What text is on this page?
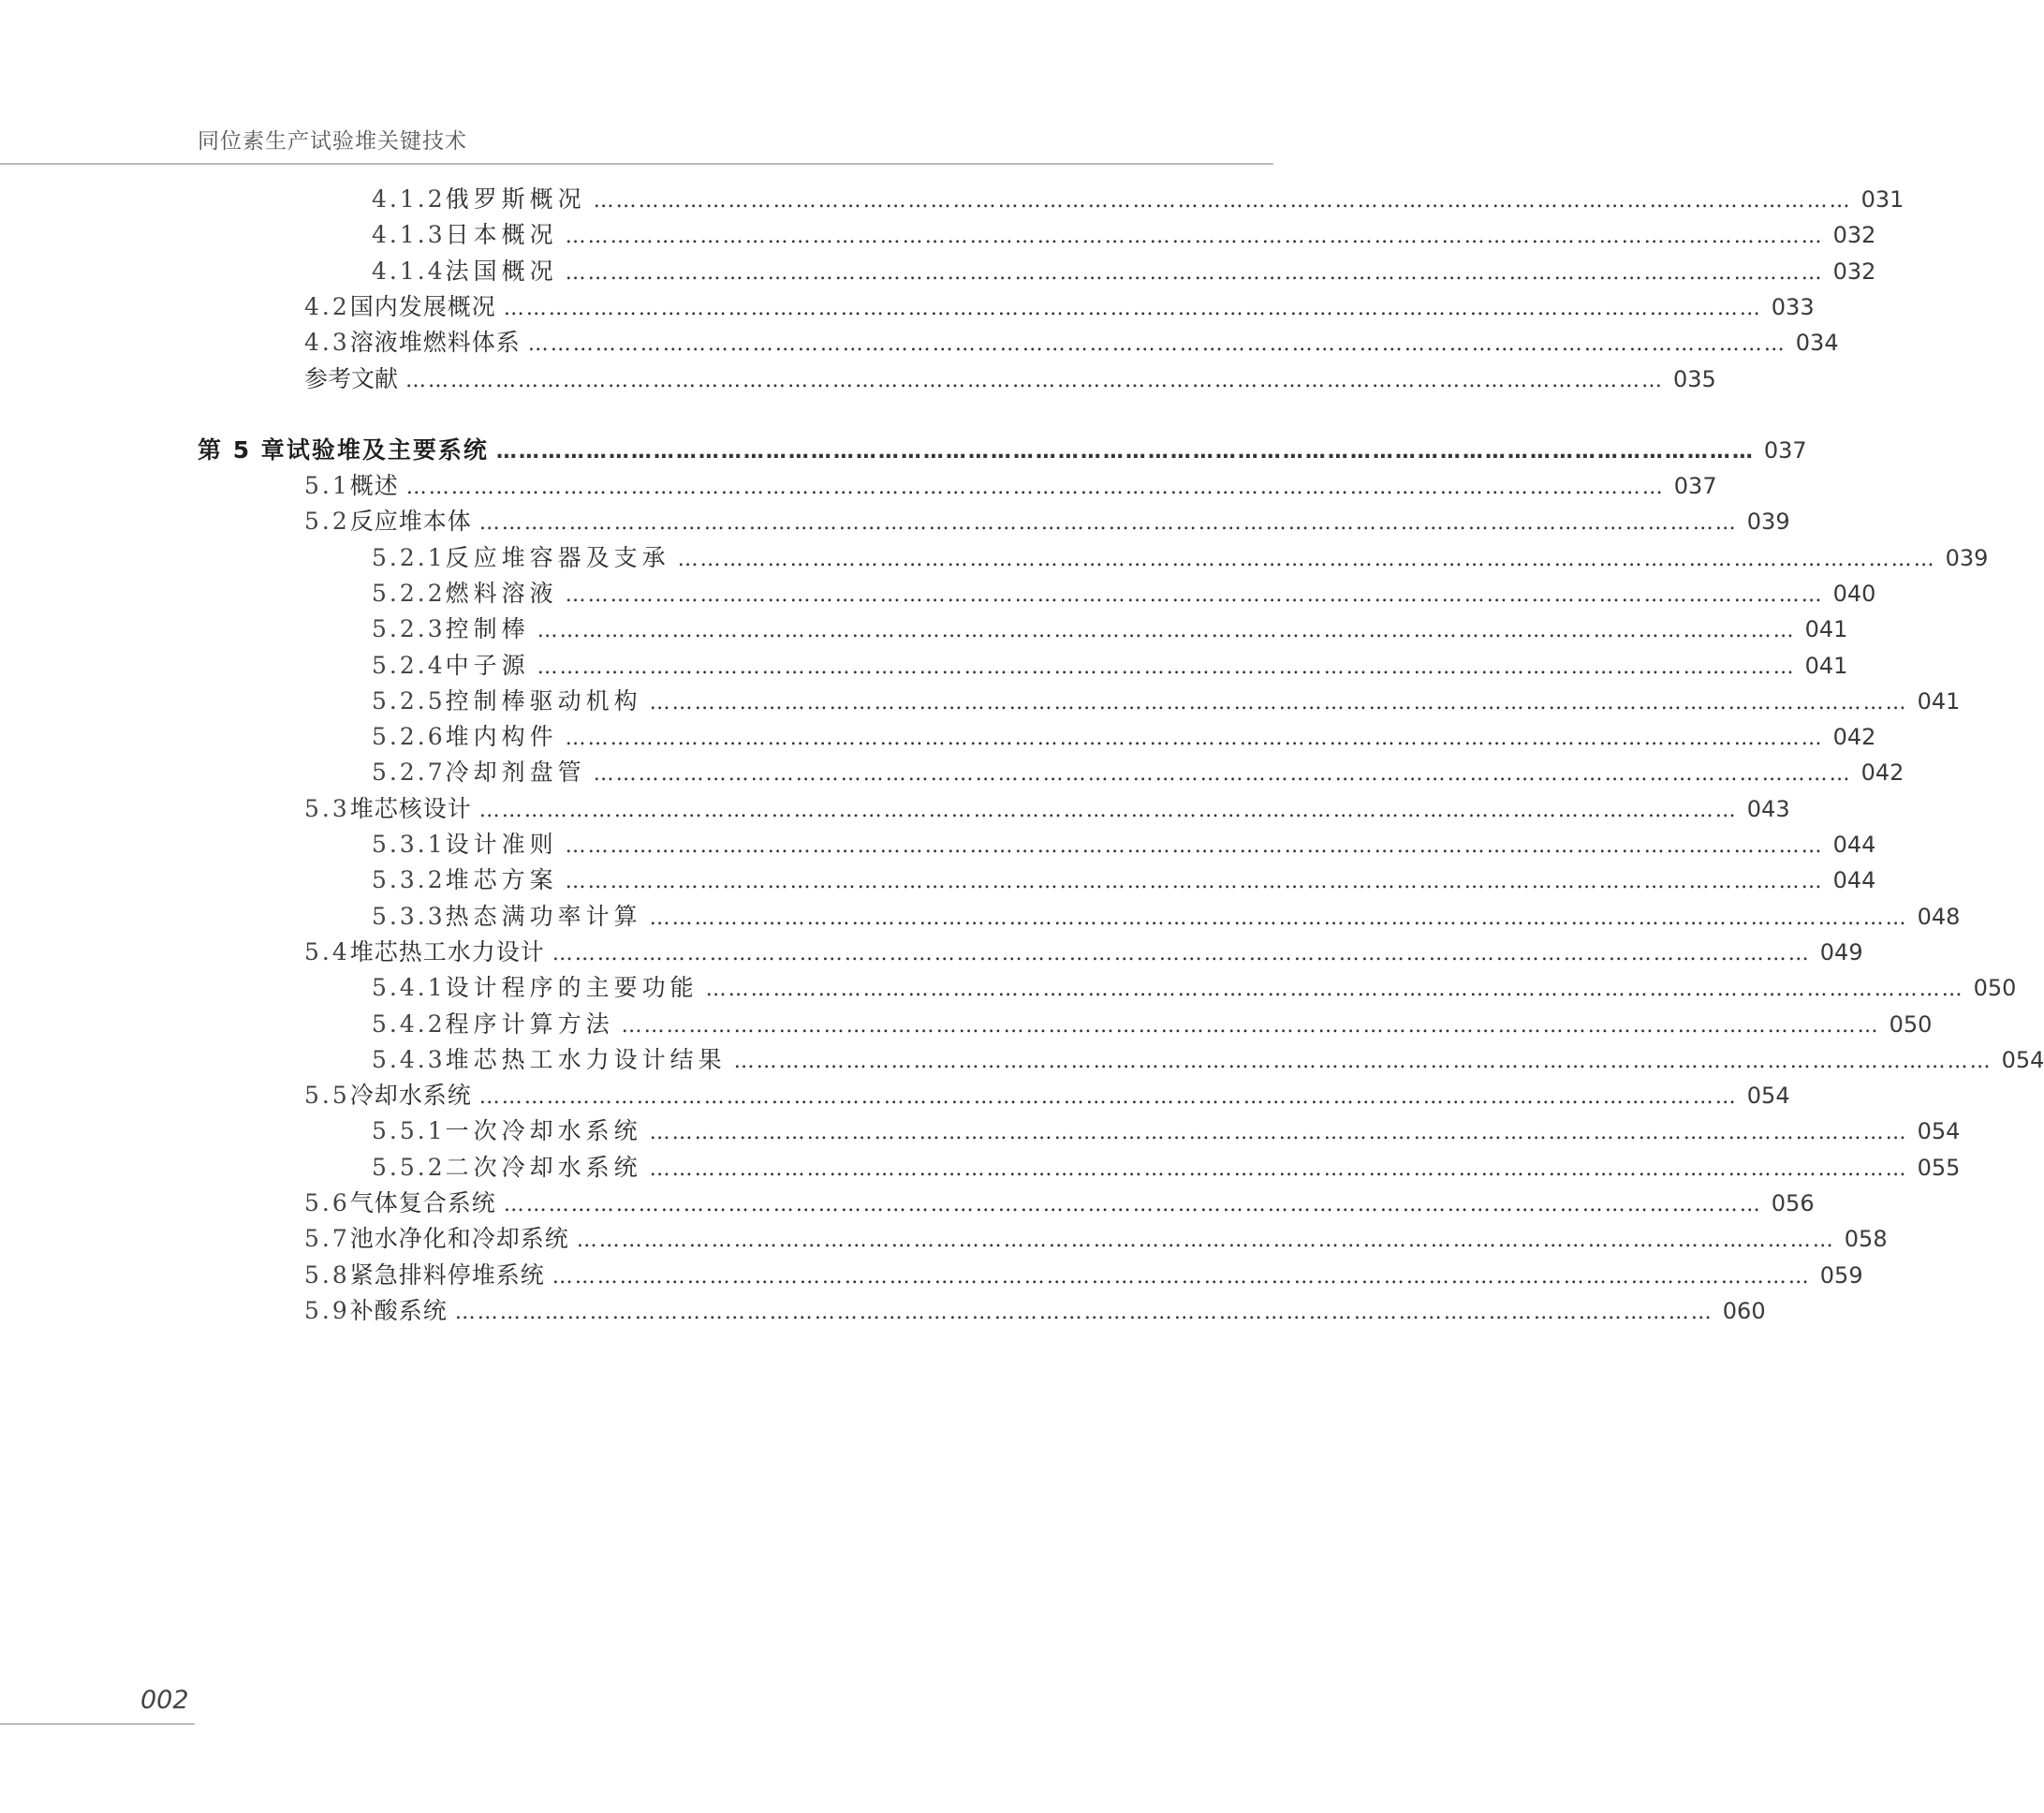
同位素生产试验堆关键技术
4.1.2 俄罗斯概况 …………………………………………………………………………………………………………………………………………………… 031
4.1.3 日本概况 …………………………………………………………………………………………………………………………………………………… 032
4.1.4 法国概况 …………………………………………………………………………………………………………………………………………………… 032
4.2 国内发展概况 …………………………………………………………………………………………………………………………………………………… 033
4.3 溶液堆燃料体系 …………………………………………………………………………………………………………………………………………………… 034
参考文献 …………………………………………………………………………………………………………………………………………………… 035
第 5 章 试验堆及主要系统 …………………………………………………………………………………………………………………………………………………… 037
5.1 概述 …………………………………………………………………………………………………………………………………………………… 037
5.2 反应堆本体 …………………………………………………………………………………………………………………………………………………… 039
5.2.1 反应堆容器及支承 …………………………………………………………………………………………………………………………………………………… 039
5.2.2 燃料溶液 …………………………………………………………………………………………………………………………………………………… 040
5.2.3 控制棒 …………………………………………………………………………………………………………………………………………………… 041
5.2.4 中子源 …………………………………………………………………………………………………………………………………………………… 041
5.2.5 控制棒驱动机构 …………………………………………………………………………………………………………………………………………………… 041
5.2.6 堆内构件 …………………………………………………………………………………………………………………………………………………… 042
5.2.7 冷却剂盘管 …………………………………………………………………………………………………………………………………………………… 042
5.3 堆芯核设计 …………………………………………………………………………………………………………………………………………………… 043
5.3.1 设计准则 …………………………………………………………………………………………………………………………………………………… 044
5.3.2 堆芯方案 …………………………………………………………………………………………………………………………………………………… 044
5.3.3 热态满功率计算 …………………………………………………………………………………………………………………………………………………… 048
5.4 堆芯热工水力设计 …………………………………………………………………………………………………………………………………………………… 049
5.4.1 设计程序的主要功能 …………………………………………………………………………………………………………………………………………………… 050
5.4.2 程序计算方法 …………………………………………………………………………………………………………………………………………………… 050
5.4.3 堆芯热工水力设计结果 …………………………………………………………………………………………………………………………………………………… 054
5.5 冷却水系统 …………………………………………………………………………………………………………………………………………………… 054
5.5.1 一次冷却水系统 …………………………………………………………………………………………………………………………………………………… 054
5.5.2 二次冷却水系统 …………………………………………………………………………………………………………………………………………………… 055
5.6 气体复合系统 …………………………………………………………………………………………………………………………………………………… 056
5.7 池水净化和冷却系统 …………………………………………………………………………………………………………………………………………………… 058
5.8 紧急排料停堆系统 …………………………………………………………………………………………………………………………………………………… 059
5.9 补酸系统 …………………………………………………………………………………………………………………………………………………… 060
002
